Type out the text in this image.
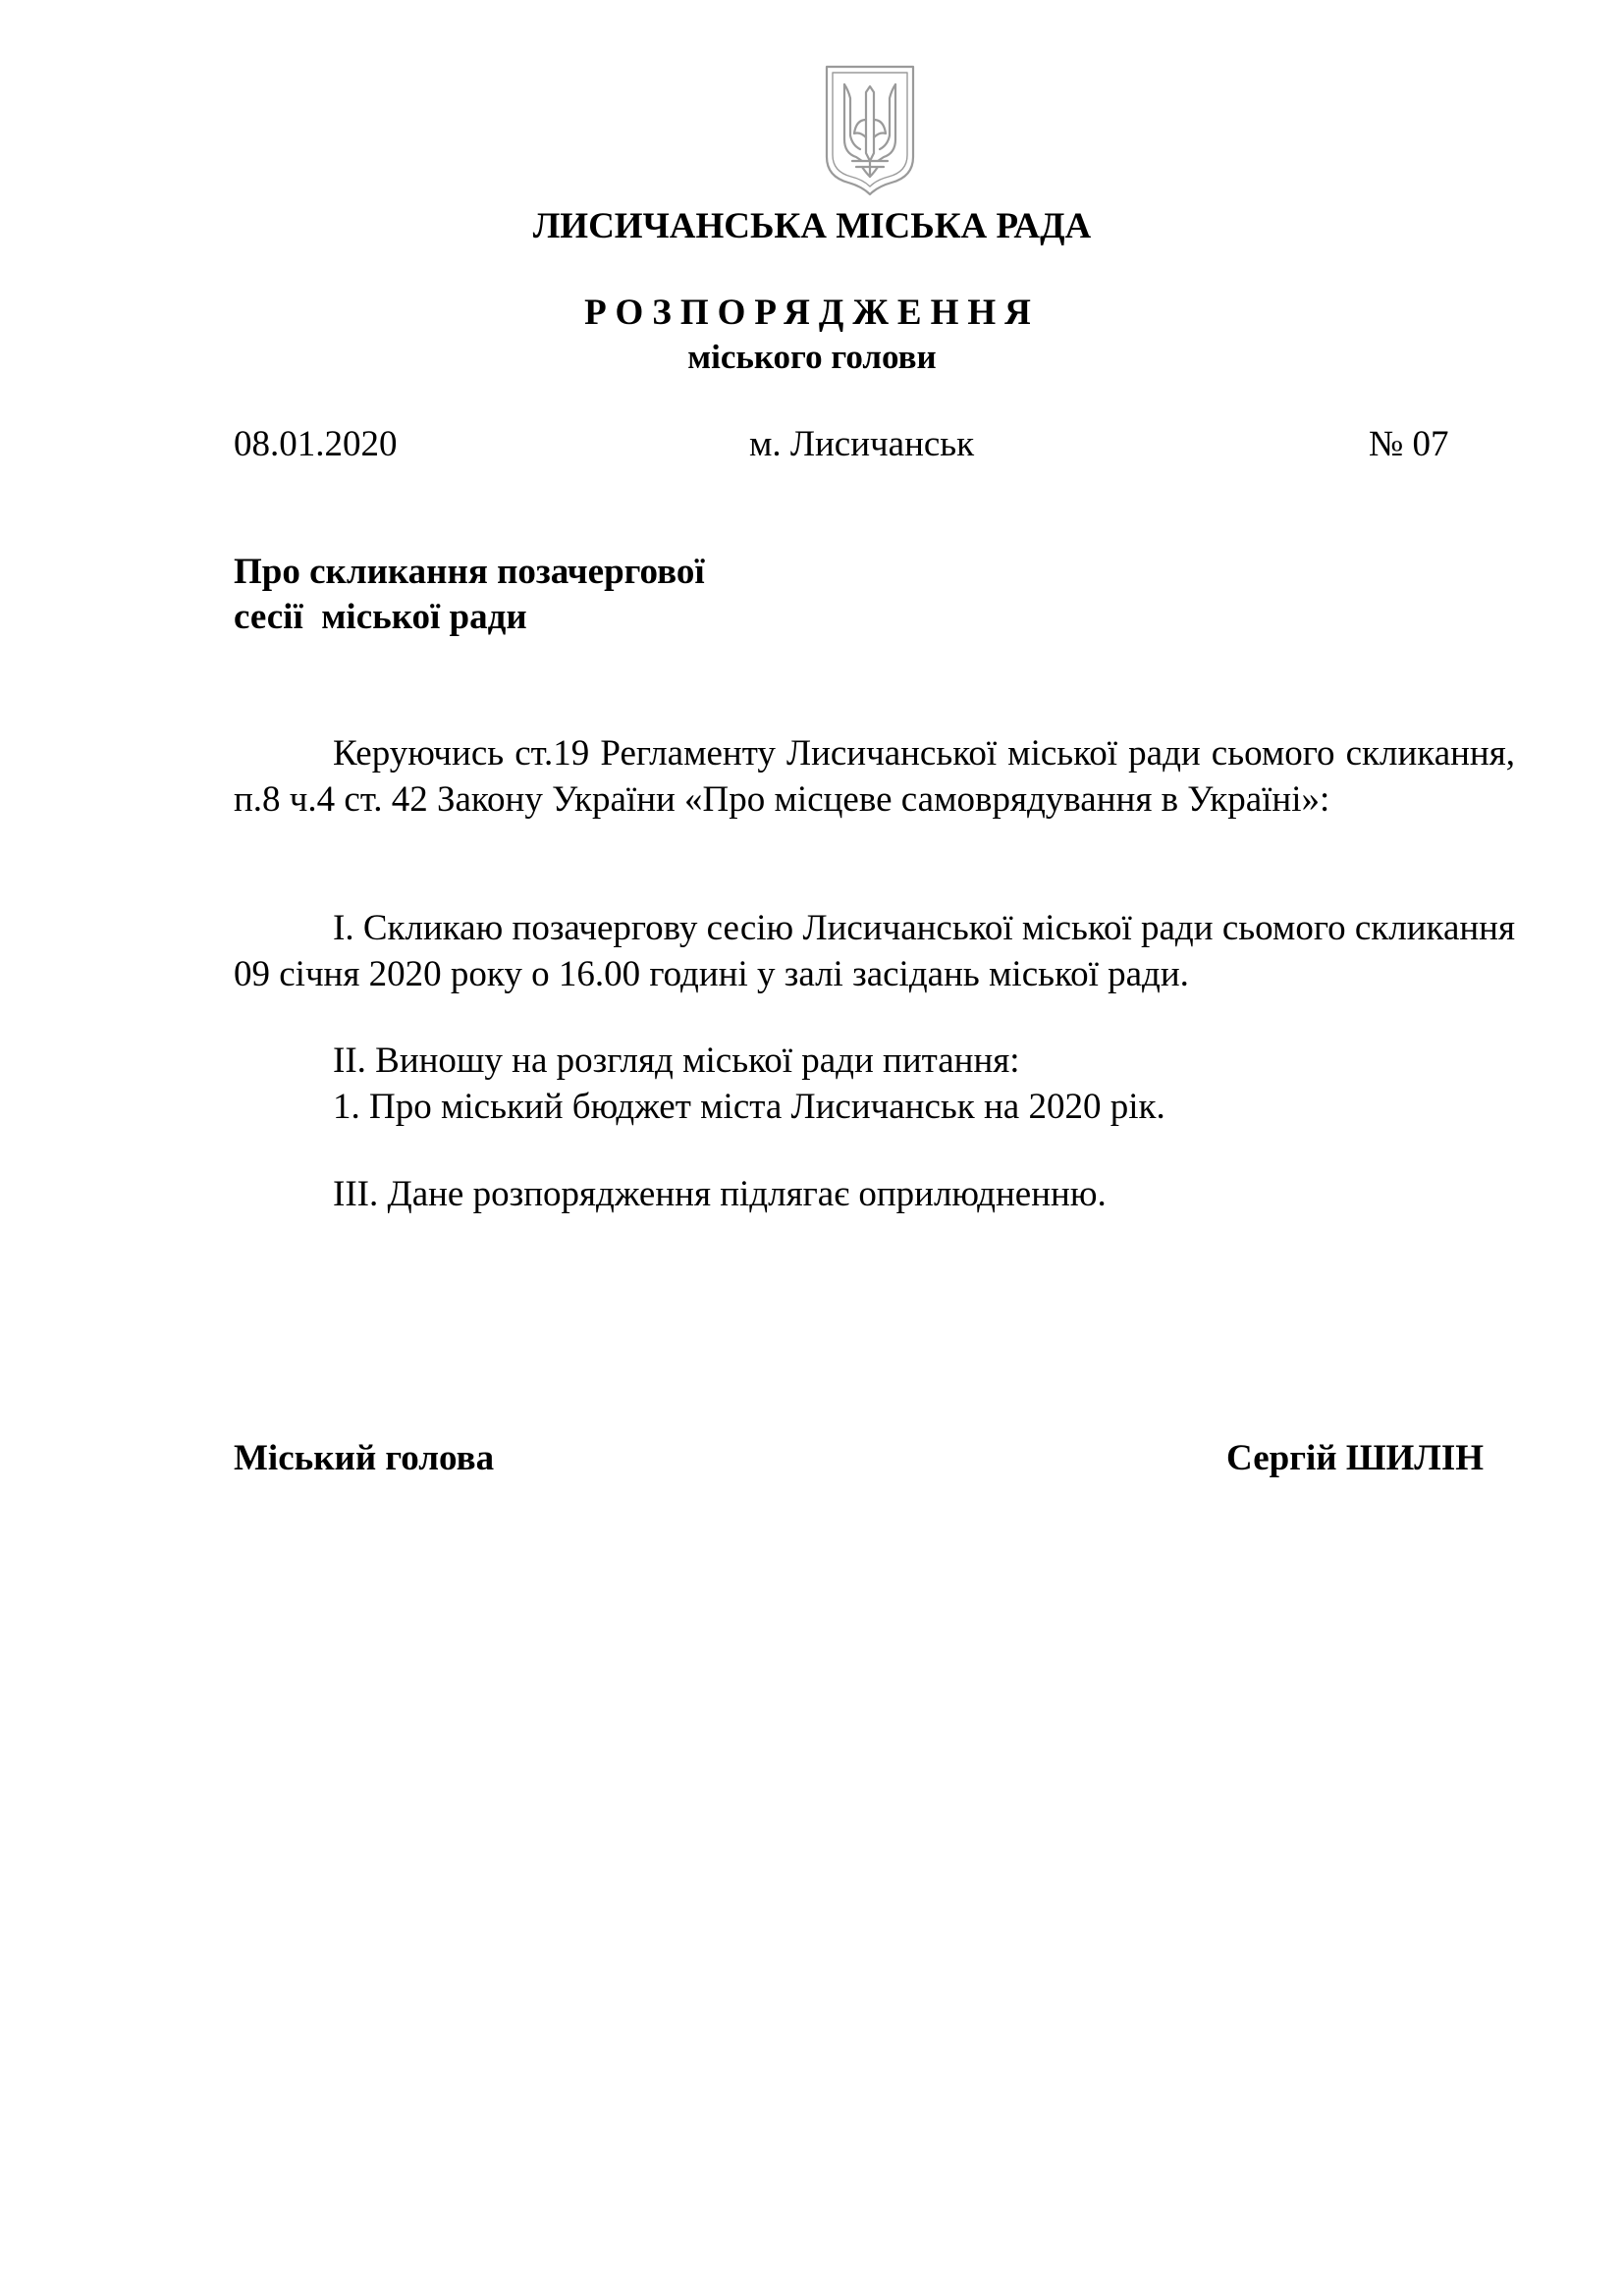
ЛИСИЧАНСЬКА МІСЬКА РАДА
РОЗПОРЯДЖЕННЯ
міського голови
08.01.2020	м. Лисичанськ	№ 07
Про скликання позачергової
сесії  міської ради
Керуючись ст.19 Регламенту Лисичанської міської ради сьомого скликання, п.8 ч.4 ст. 42 Закону України «Про місцеве самоврядування в Україні»:
І. Скликаю позачергову сесію Лисичанської міської ради сьомого скликання 09 січня 2020 року о 16.00 годині у залі засідань міської ради.
ІІ. Виношу на розгляд міської ради питання:
1. Про міський бюджет міста Лисичанськ на 2020 рік.
ІІІ. Дане розпорядження підлягає оприлюдненню.
Міський голова	Сергій ШИЛІН
